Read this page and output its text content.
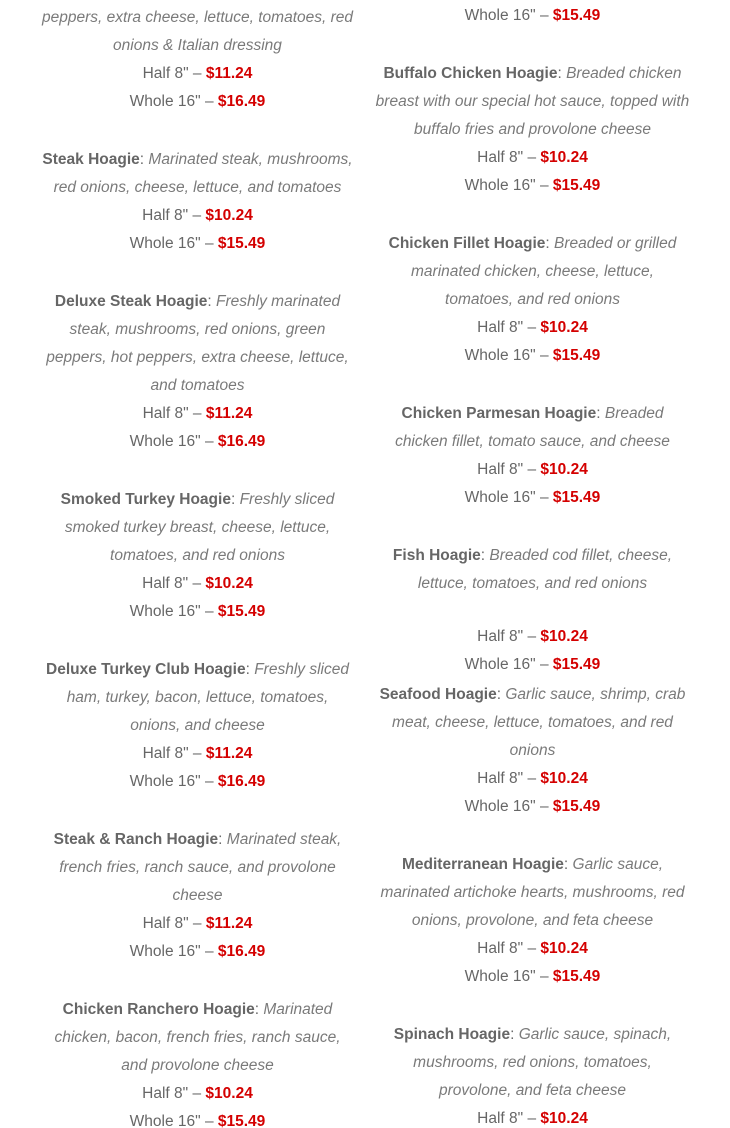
peppers, extra cheese, lettuce, tomatoes, red onions & Italian dressing
Half 8" – $11.24
Whole 16" – $16.49
Steak Hoagie: Marinated steak, mushrooms, red onions, cheese, lettuce, and tomatoes
Half 8" – $10.24
Whole 16" – $15.49
Deluxe Steak Hoagie: Freshly marinated steak, mushrooms, red onions, green peppers, hot peppers, extra cheese, lettuce, and tomatoes
Half 8" – $11.24
Whole 16" – $16.49
Smoked Turkey Hoagie: Freshly sliced smoked turkey breast, cheese, lettuce, tomatoes, and red onions
Half 8" – $10.24
Whole 16" – $15.49
Deluxe Turkey Club Hoagie: Freshly sliced ham, turkey, bacon, lettuce, tomatoes, onions, and cheese
Half 8" – $11.24
Whole 16" – $16.49
Steak & Ranch Hoagie: Marinated steak, french fries, ranch sauce, and provolone cheese
Half 8" – $11.24
Whole 16" – $16.49
Chicken Ranchero Hoagie: Marinated chicken, bacon, french fries, ranch sauce, and provolone cheese
Half 8" – $10.24
Whole 16" – $15.49
Whole 16" – $15.49
Buffalo Chicken Hoagie: Breaded chicken breast with our special hot sauce, topped with buffalo fries and provolone cheese
Half 8" – $10.24
Whole 16" – $15.49
Chicken Fillet Hoagie: Breaded or grilled marinated chicken, cheese, lettuce, tomatoes, and red onions
Half 8" – $10.24
Whole 16" – $15.49
Chicken Parmesan Hoagie: Breaded chicken fillet, tomato sauce, and cheese
Half 8" – $10.24
Whole 16" – $15.49
Fish Hoagie: Breaded cod fillet, cheese, lettuce, tomatoes, and red onions
Half 8" – $10.24
Whole 16" – $15.49
Seafood Hoagie: Garlic sauce, shrimp, crab meat, cheese, lettuce, tomatoes, and red onions
Half 8" – $10.24
Whole 16" – $15.49
Mediterranean Hoagie: Garlic sauce, marinated artichoke hearts, mushrooms, red onions, provolone, and feta cheese
Half 8" – $10.24
Whole 16" – $15.49
Spinach Hoagie: Garlic sauce, spinach, mushrooms, red onions, tomatoes, provolone, and feta cheese
Half 8" – $10.24
